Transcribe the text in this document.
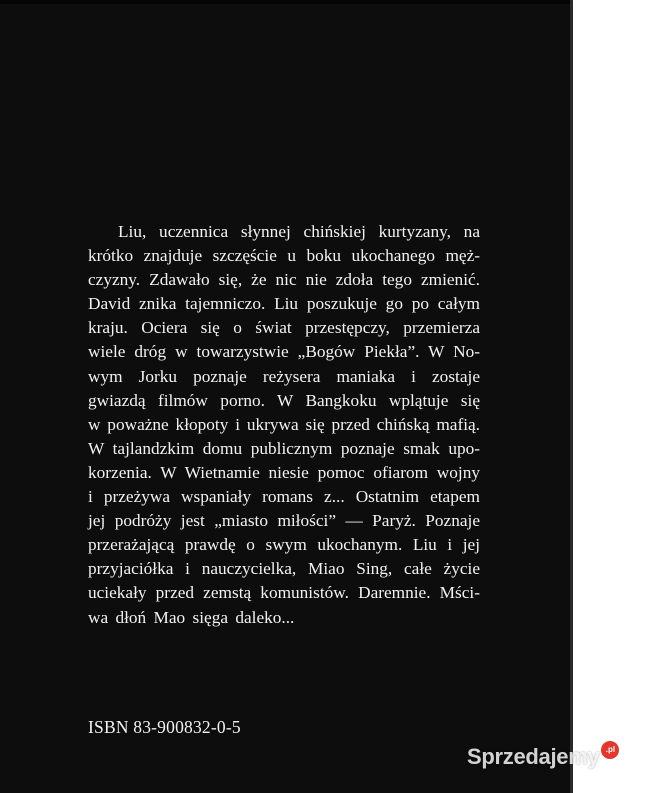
Liu, uczennica słynnej chińskiej kurtyzany, na
krótko znajduje szczęście u boku ukochanego męż-
czyzny. Zdawało się, że nic nie zdoła tego zmienić.
David znika tajemniczo. Liu poszukuje go po całym
kraju. Ociera się o świat przestępczy, przemierza
wiele dróg w towarzystwie „Bogów Piekła”. W No-
wym Jorku poznaje reżysera maniaka i zostaje
gwiazdą filmów porno. W Bangkoku wplątuje się
w poważne kłopoty i ukrywa się przed chińską mafią.
W tajlandzkim domu publicznym poznaje smak upo-
korzenia. W Wietnamie niesie pomoc ofiarom wojny
i przeżywa wspaniały romans z... Ostatnim etapem
jej podróży jest „miasto miłości” — Paryż. Poznaje
przerażającą prawdę o swym ukochanym. Liu i jej
przyjaciółka i nauczycielka, Miao Sing, całe życie
uciekały przed zemstą komunistów. Daremnie. Mści-
wa dłoń Mao sięga daleko...
ISBN 83-900832-0-5
Sprzedajemy .pl
